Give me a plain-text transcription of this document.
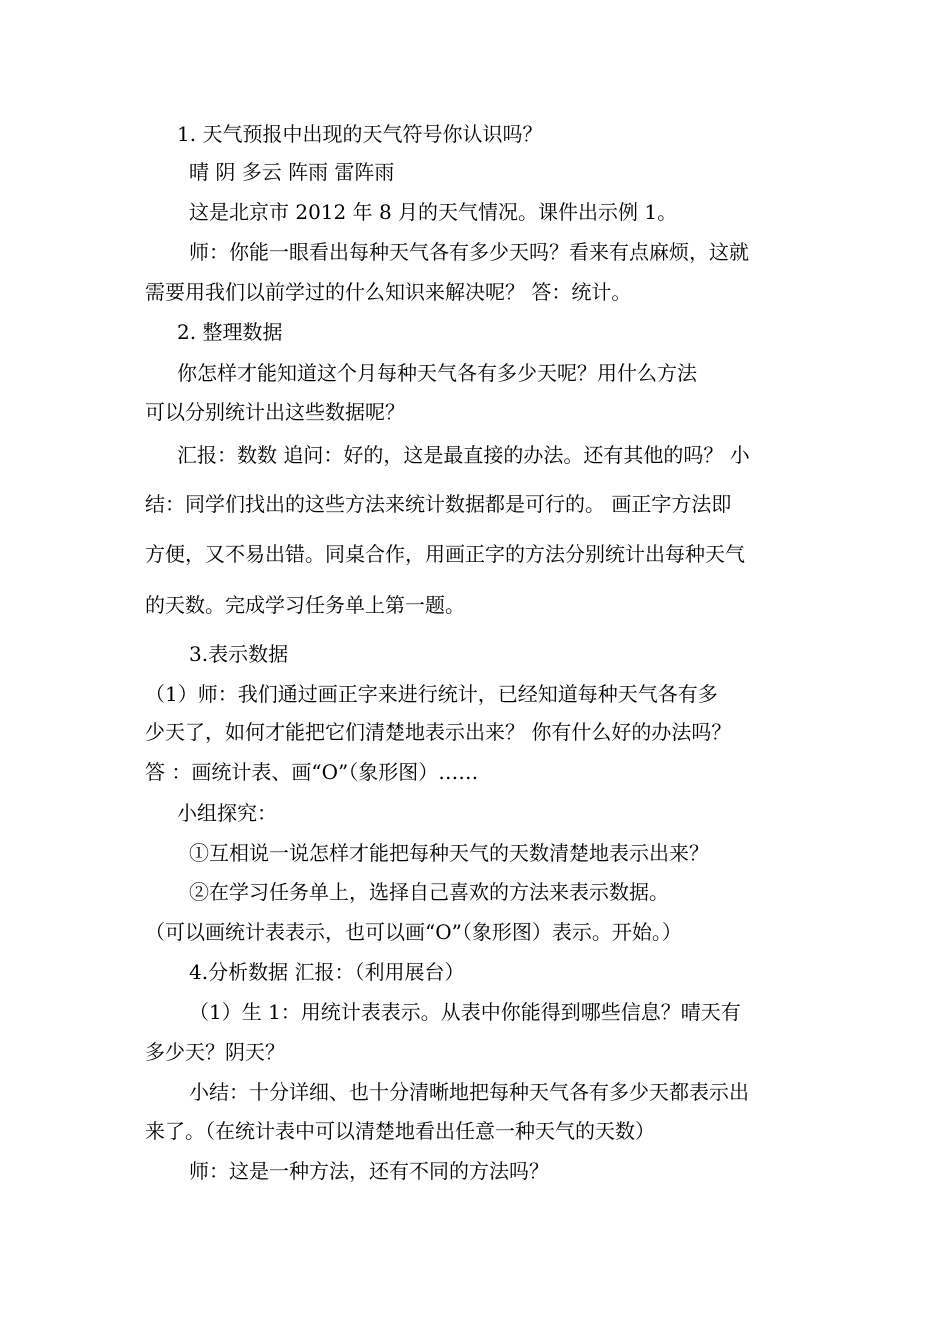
1. 天气预报中出现的天气符号你认识吗？
晴 阴 多云 阵雨 雷阵雨
这是北京市 2012 年 8 月的天气情况。课件出示例 1。
师：你能一眼看出每种天气各有多少天吗？看来有点麻烦，这就
需要用我们以前学过的什么知识来解决呢？ 答：统计。
2. 整理数据
你怎样才能知道这个月每种天气各有多少天呢？用什么方法
可以分别统计出这些数据呢？
汇报：数数 追问：好的，这是最直接的办法。还有其他的吗？ 小
结：同学们找出的这些方法来统计数据都是可行的。 画正字方法即
方便，又不易出错。同桌合作，用画正字的方法分别统计出每种天气
的天数。完成学习任务单上第一题。
3.表示数据
（1）师：我们通过画正字来进行统计，已经知道每种天气各有多
少天了，如何才能把它们清楚地表示出来？ 你有什么好的办法吗？
答 ：画统计表、画“O”（象形图）……
小组探究：
①互相说一说怎样才能把每种天气的天数清楚地表示出来？
②在学习任务单上，选择自己喜欢的方法来表示数据。
（可以画统计表表示，也可以画“O”（象形图）表示。开始。）
4.分析数据 汇报：（利用展台）
（1）生 1：用统计表表示。从表中你能得到哪些信息？晴天有
多少天？阴天？
小结：十分详细、也十分清晰地把每种天气各有多少天都表示出
来了。（在统计表中可以清楚地看出任意一种天气的天数）
师：这是一种方法，还有不同的方法吗？
